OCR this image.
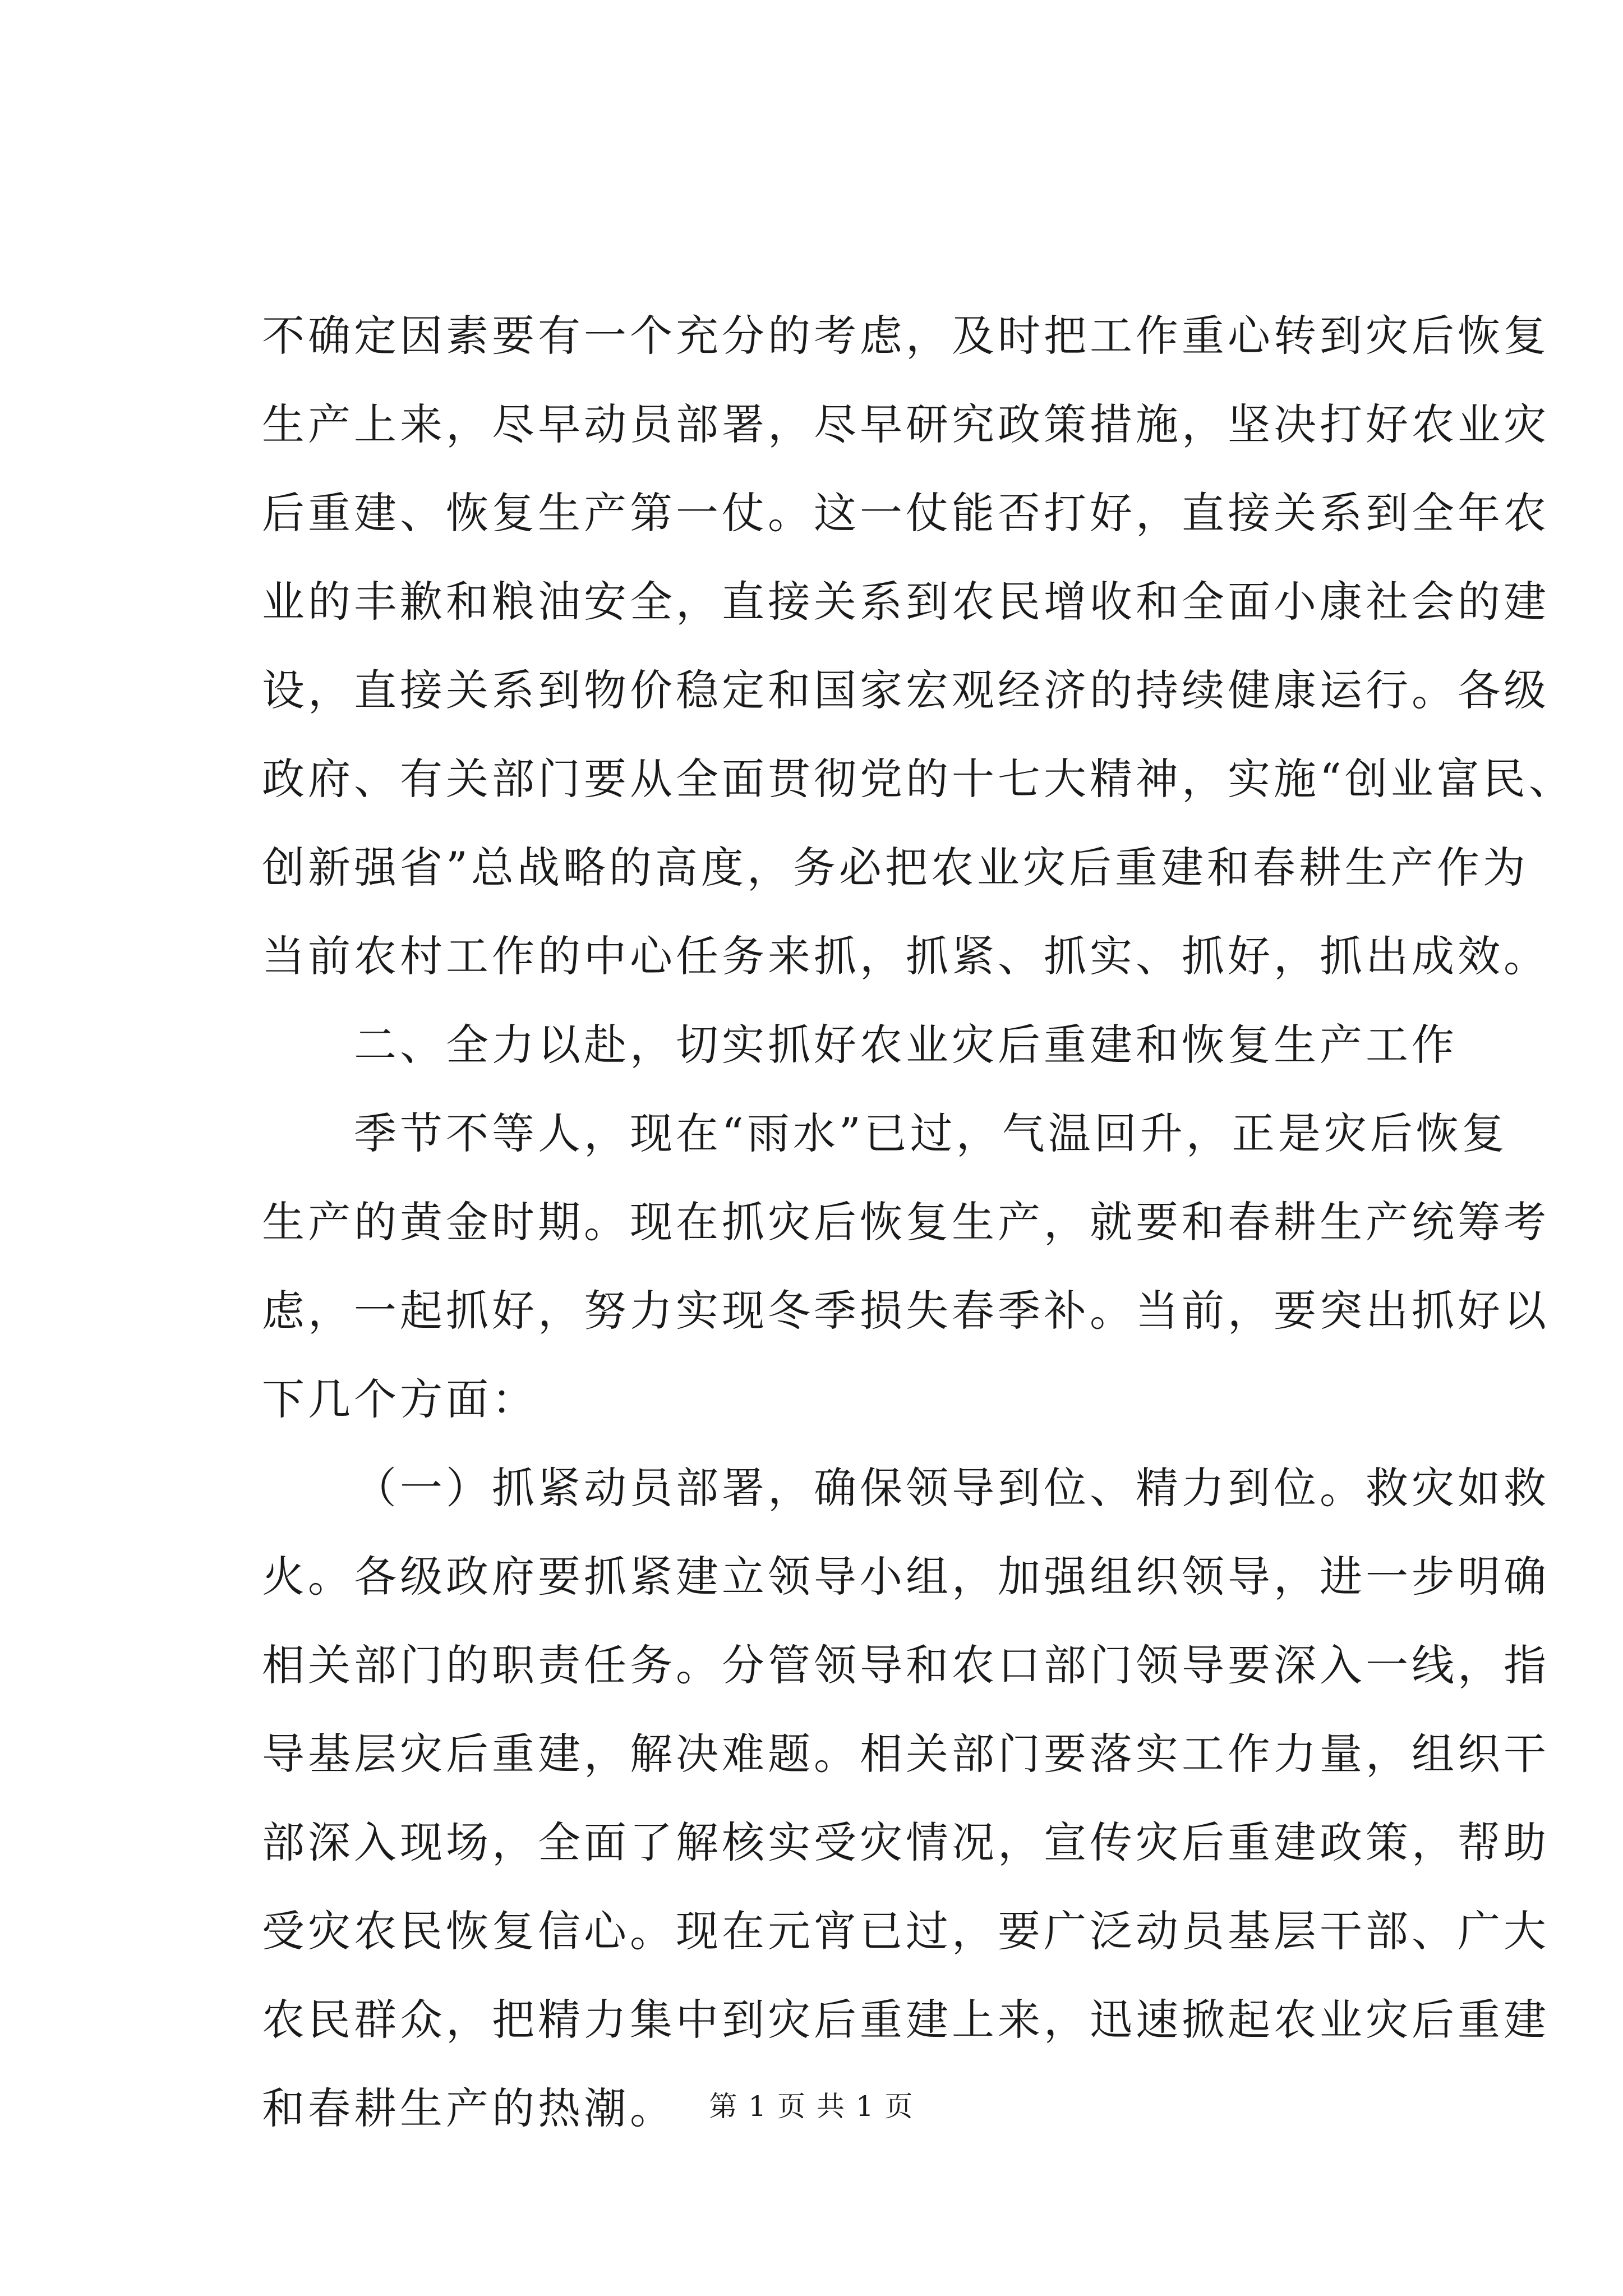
不确定因素要有一个充分的考虑，及时把工作重心转到灾后恢复
生产上来，尽早动员部署，尽早研究政策措施，坚决打好农业灾
后重建、恢复生产第一仗。这一仗能否打好，直接关系到全年农
业的丰歉和粮油安全，直接关系到农民增收和全面小康社会的建
设，直接关系到物价稳定和国家宏观经济的持续健康运行。各级
政府、有关部门要从全面贯彻党的十七大精神，实施“创业富民、
创新强省”总战略的高度，务必把农业灾后重建和春耕生产作为
当前农村工作的中心任务来抓，抓紧、抓实、抓好，抓出成效。
二、全力以赴，切实抓好农业灾后重建和恢复生产工作
季节不等人，现在“雨水”已过，气温回升，正是灾后恢复
生产的黄金时期。现在抓灾后恢复生产，就要和春耕生产统筹考
虑，一起抓好，努力实现冬季损失春季补。当前，要突出抓好以
下几个方面：
（一）抓紧动员部署，确保领导到位、精力到位。救灾如救
火。各级政府要抓紧建立领导小组，加强组织领导，进一步明确
相关部门的职责任务。分管领导和农口部门领导要深入一线，指
导基层灾后重建，解决难题。相关部门要落实工作力量，组织干
部深入现场，全面了解核实受灾情况，宣传灾后重建政策，帮助
受灾农民恢复信心。现在元宵已过，要广泛动员基层干部、广大
农民群众，把精力集中到灾后重建上来，迅速掀起农业灾后重建
和春耕生产的热潮。	第 1 页 共 1 页
